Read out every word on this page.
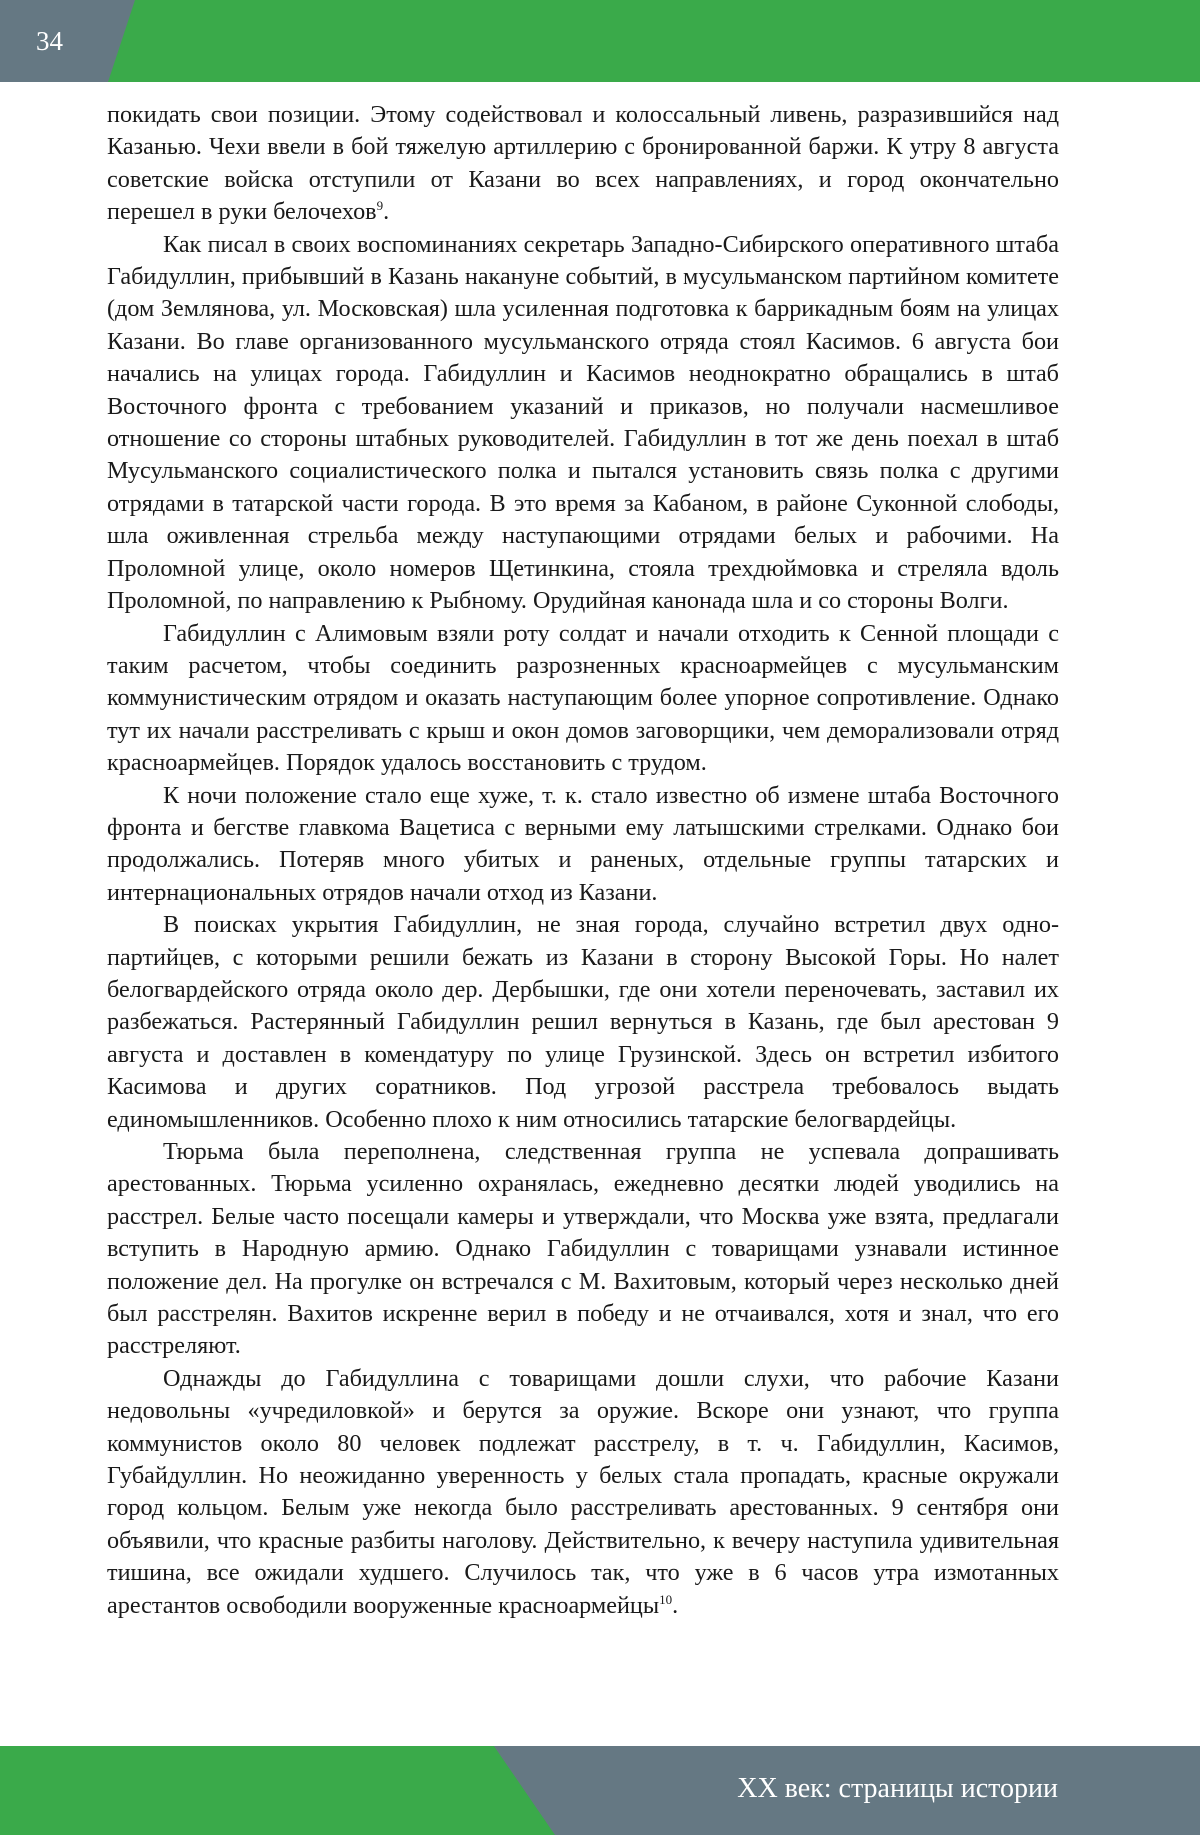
34

покидать свои позиции. Этому содействовал и колоссальный ливень, разразившийся над Казанью. Чехи ввели в бой тяжелую артиллерию с бронированной баржи. К утру 8 августа советские войска отступили от Казани во всех направлениях, и город окончательно перешел в руки белочехов$^9$.

Как писал в своих воспоминаниях секретарь Западно-Сибирского оперативного штаба Габидуллин, прибывший в Казань накануне событий, в мусульманском партийном комитете (дом Землянова, ул. Московская) шла усиленная подготовка к баррикадным боям на улицах Казани. Во главе организованного мусульманского отряда стоял Касимов. 6 августа бои начались на улицах города. Габидуллин и Касимов неоднократно обращались в штаб Восточного фронта с требованием указаний и приказов, но получали насмешливое отношение со стороны штабных руководителей. Габидуллин в тот же день поехал в штаб Мусульманского социалистического полка и пытался установить связь полка с другими отрядами в татарской части города. В это время за Кабаном, в районе Суконной слободы, шла оживленная стрельба между наступающими отрядами белых и рабочими. На Проломной улице, около номеров Щетинкина, стояла трехдюймовка и стреляла вдоль Проломной, по направлению к Рыбному. Орудийная канонада шла и со стороны Волги.

Габидуллин с Алимовым взяли роту солдат и начали отходить к Сенной площади с таким расчетом, чтобы соединить разрозненных красноармейцев с мусульманским коммунистическим отрядом и оказать наступающим более упорное сопротивление. Однако тут их начали расстреливать с крыш и окон домов заговорщики, чем деморализовали отряд красноармейцев. Порядок удалось восстановить с трудом.

К ночи положение стало еще хуже, т. к. стало известно об измене штаба Восточного фронта и бегстве главкома Вацетиса с верными ему латышскими стрелками. Однако бои продолжались. Потеряв много убитых и раненых, отдельные группы татарских и интернациональных отрядов начали отход из Казани.

В поисках укрытия Габидуллин, не зная города, случайно встретил двух однопартийцев, с которыми решили бежать из Казани в сторону Высокой Горы. Но налет белогвардейского отряда около дер. Дербышки, где они хотели переночевать, заставил их разбежаться. Растерянный Габидуллин решил вернуться в Казань, где был арестован 9 августа и доставлен в комендатуру по улице Грузинской. Здесь он встретил избитого Касимова и других соратников. Под угрозой расстрела требовалось выдать единомышленников. Особенно плохо к ним относились татарские белогвардейцы.

Тюрьма была переполнена, следственная группа не успевала допрашивать арестованных. Тюрьма усиленно охранялась, ежедневно десятки людей уводились на расстрел. Белые часто посещали камеры и утверждали, что Москва уже взята, предлагали вступить в Народную армию. Однако Габидуллин с товарищами узнавали истинное положение дел. На прогулке он встречался с М. Вахитовым, который через несколько дней был расстрелян. Вахитов искренне верил в победу и не отчаивался, хотя и знал, что его расстреляют.

Однажды до Габидуллина с товарищами дошли слухи, что рабочие Казани недовольны «учредиловкой» и берутся за оружие. Вскоре они узнают, что группа коммунистов около 80 человек подлежат расстрелу, в т. ч. Габидуллин, Касимов, Губайдуллин. Но неожиданно уверенность у белых стала пропадать, красные окружали город кольцом. Белым уже некогда было расстреливать арестованных. 9 сентября они объявили, что красные разбиты наголову. Действительно, к вечеру наступила удивительная тишина, все ожидали худшего. Случилось так, что уже в 6 часов утра измотанных арестантов освободили вооруженные красноармейцы$^{10}$.

XX век: страницы истории
